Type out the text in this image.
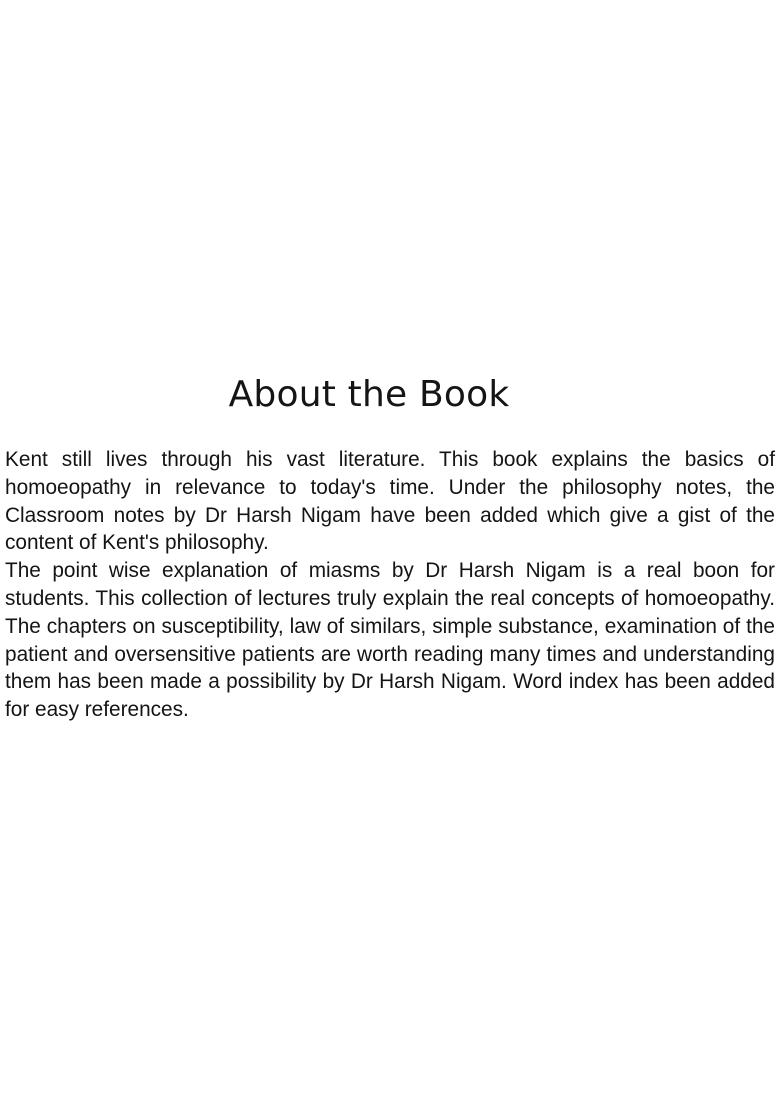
About the Book

Kent still lives through his vast literature. This book explains the basics of homoeopathy in relevance to today's time. Under the philosophy notes, the Classroom notes by Dr Harsh Nigam have been added which give a gist of the content of Kent's philosophy.

The point wise explanation of miasms by Dr Harsh Nigam is a real boon for students. This collection of lectures truly explain the real concepts of homoeopathy. The chapters on susceptibility, law of similars, simple substance, examination of the patient and oversensitive patients are worth reading many times and understanding them has been made a possibility by Dr Harsh Nigam. Word index has been added for easy references.
